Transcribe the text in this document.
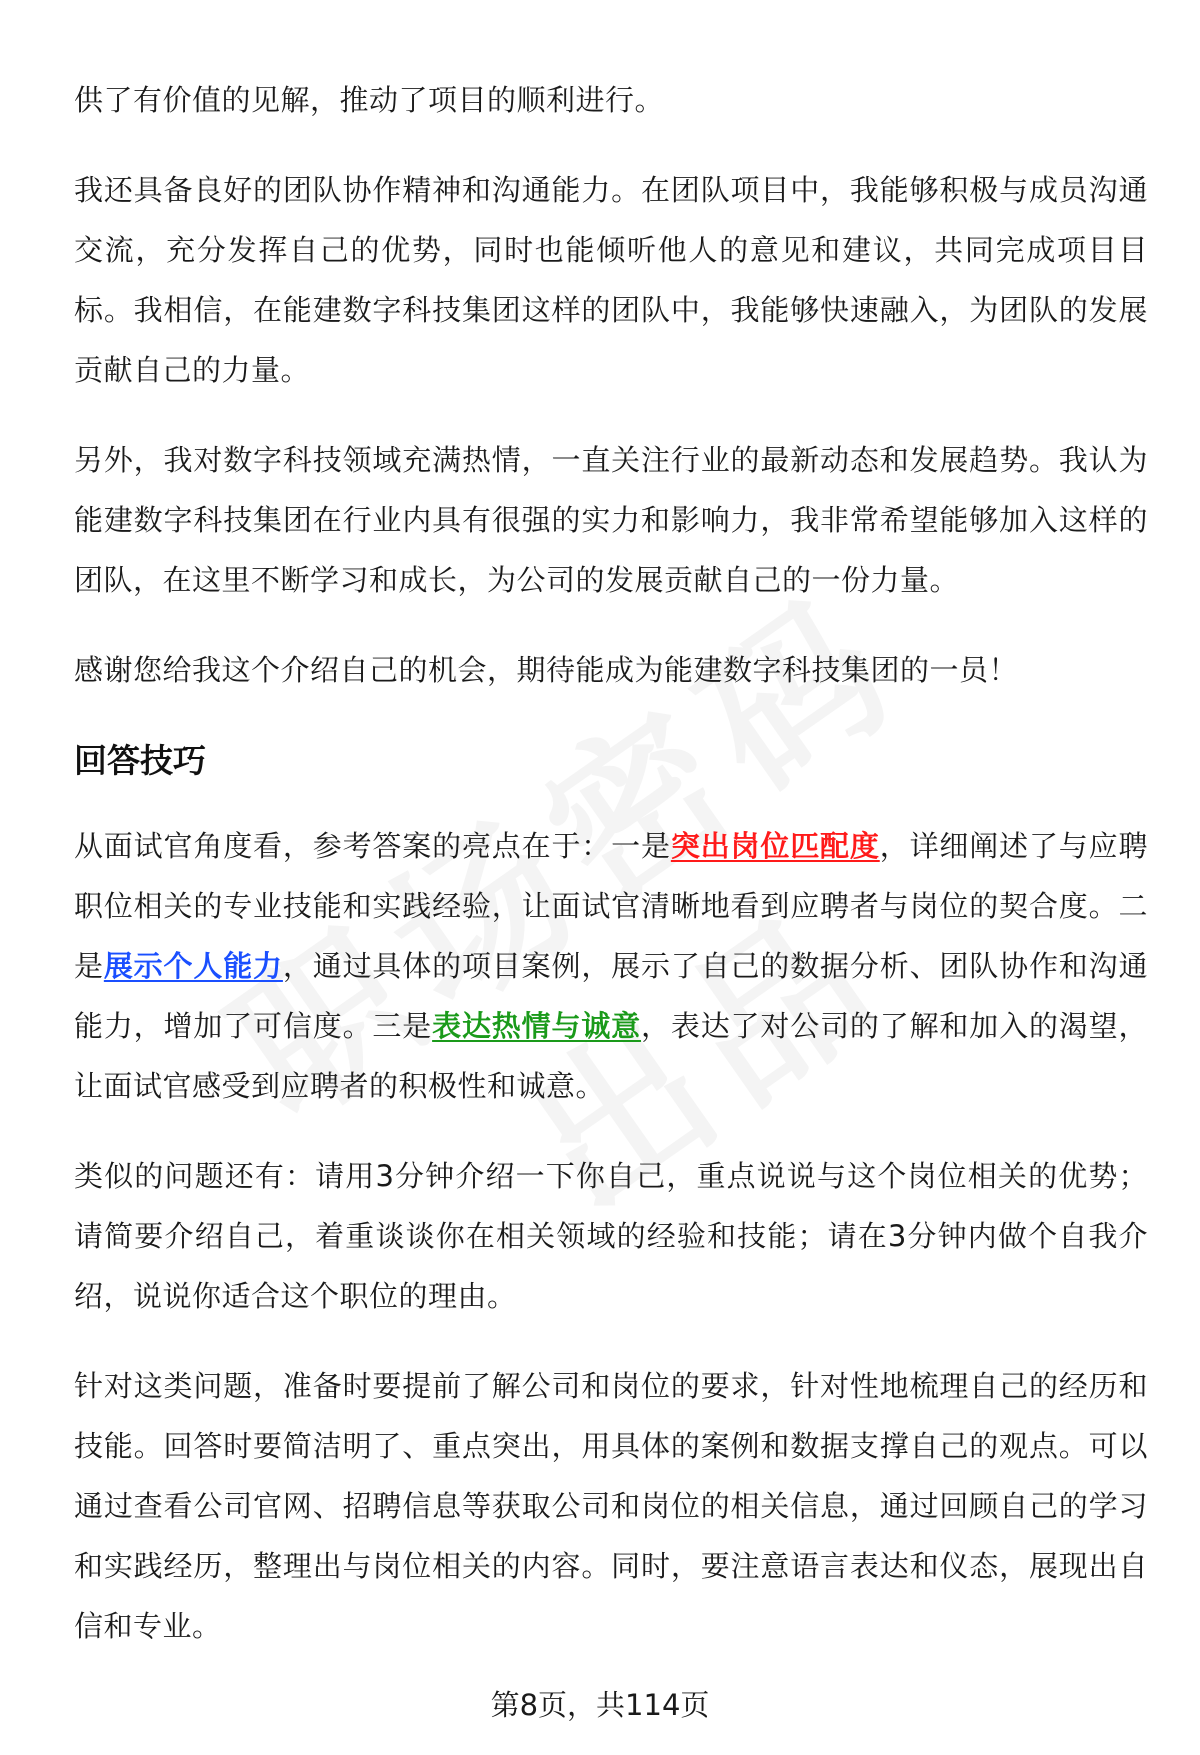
供了有价值的见解，推动了项目的顺利进行。

我还具备良好的团队协作精神和沟通能力。在团队项目中，我能够积极与成员沟通交流，充分发挥自己的优势，同时也能倾听他人的意见和建议，共同完成项目目标。我相信，在能建数字科技集团这样的团队中，我能够快速融入，为团队的发展贡献自己的力量。

另外，我对数字科技领域充满热情，一直关注行业的最新动态和发展趋势。我认为能建数字科技集团在行业内具有很强的实力和影响力，我非常希望能够加入这样的团队，在这里不断学习和成长，为公司的发展贡献自己的一份力量。

感谢您给我这个介绍自己的机会，期待能成为能建数字科技集团的一员！

回答技巧

从面试官角度看，参考答案的亮点在于：一是突出岗位匹配度，详细阐述了与应聘职位相关的专业技能和实践经验，让面试官清晰地看到应聘者与岗位的契合度。二是展示个人能力，通过具体的项目案例，展示了自己的数据分析、团队协作和沟通能力，增加了可信度。三是表达热情与诚意，表达了对公司的了解和加入的渴望，让面试官感受到应聘者的积极性和诚意。

类似的问题还有：请用3分钟介绍一下你自己，重点说说与这个岗位相关的优势；请简要介绍自己，着重谈谈你在相关领域的经验和技能；请在3分钟内做个自我介绍，说说你适合这个职位的理由。

针对这类问题，准备时要提前了解公司和岗位的要求，针对性地梳理自己的经历和技能。回答时要简洁明了、重点突出，用具体的案例和数据支撑自己的观点。可以通过查看公司官网、招聘信息等获取公司和岗位的相关信息，通过回顾自己的学习和实践经历，整理出与岗位相关的内容。同时，要注意语言表达和仪态，展现出自信和专业。

第8页，共114页
